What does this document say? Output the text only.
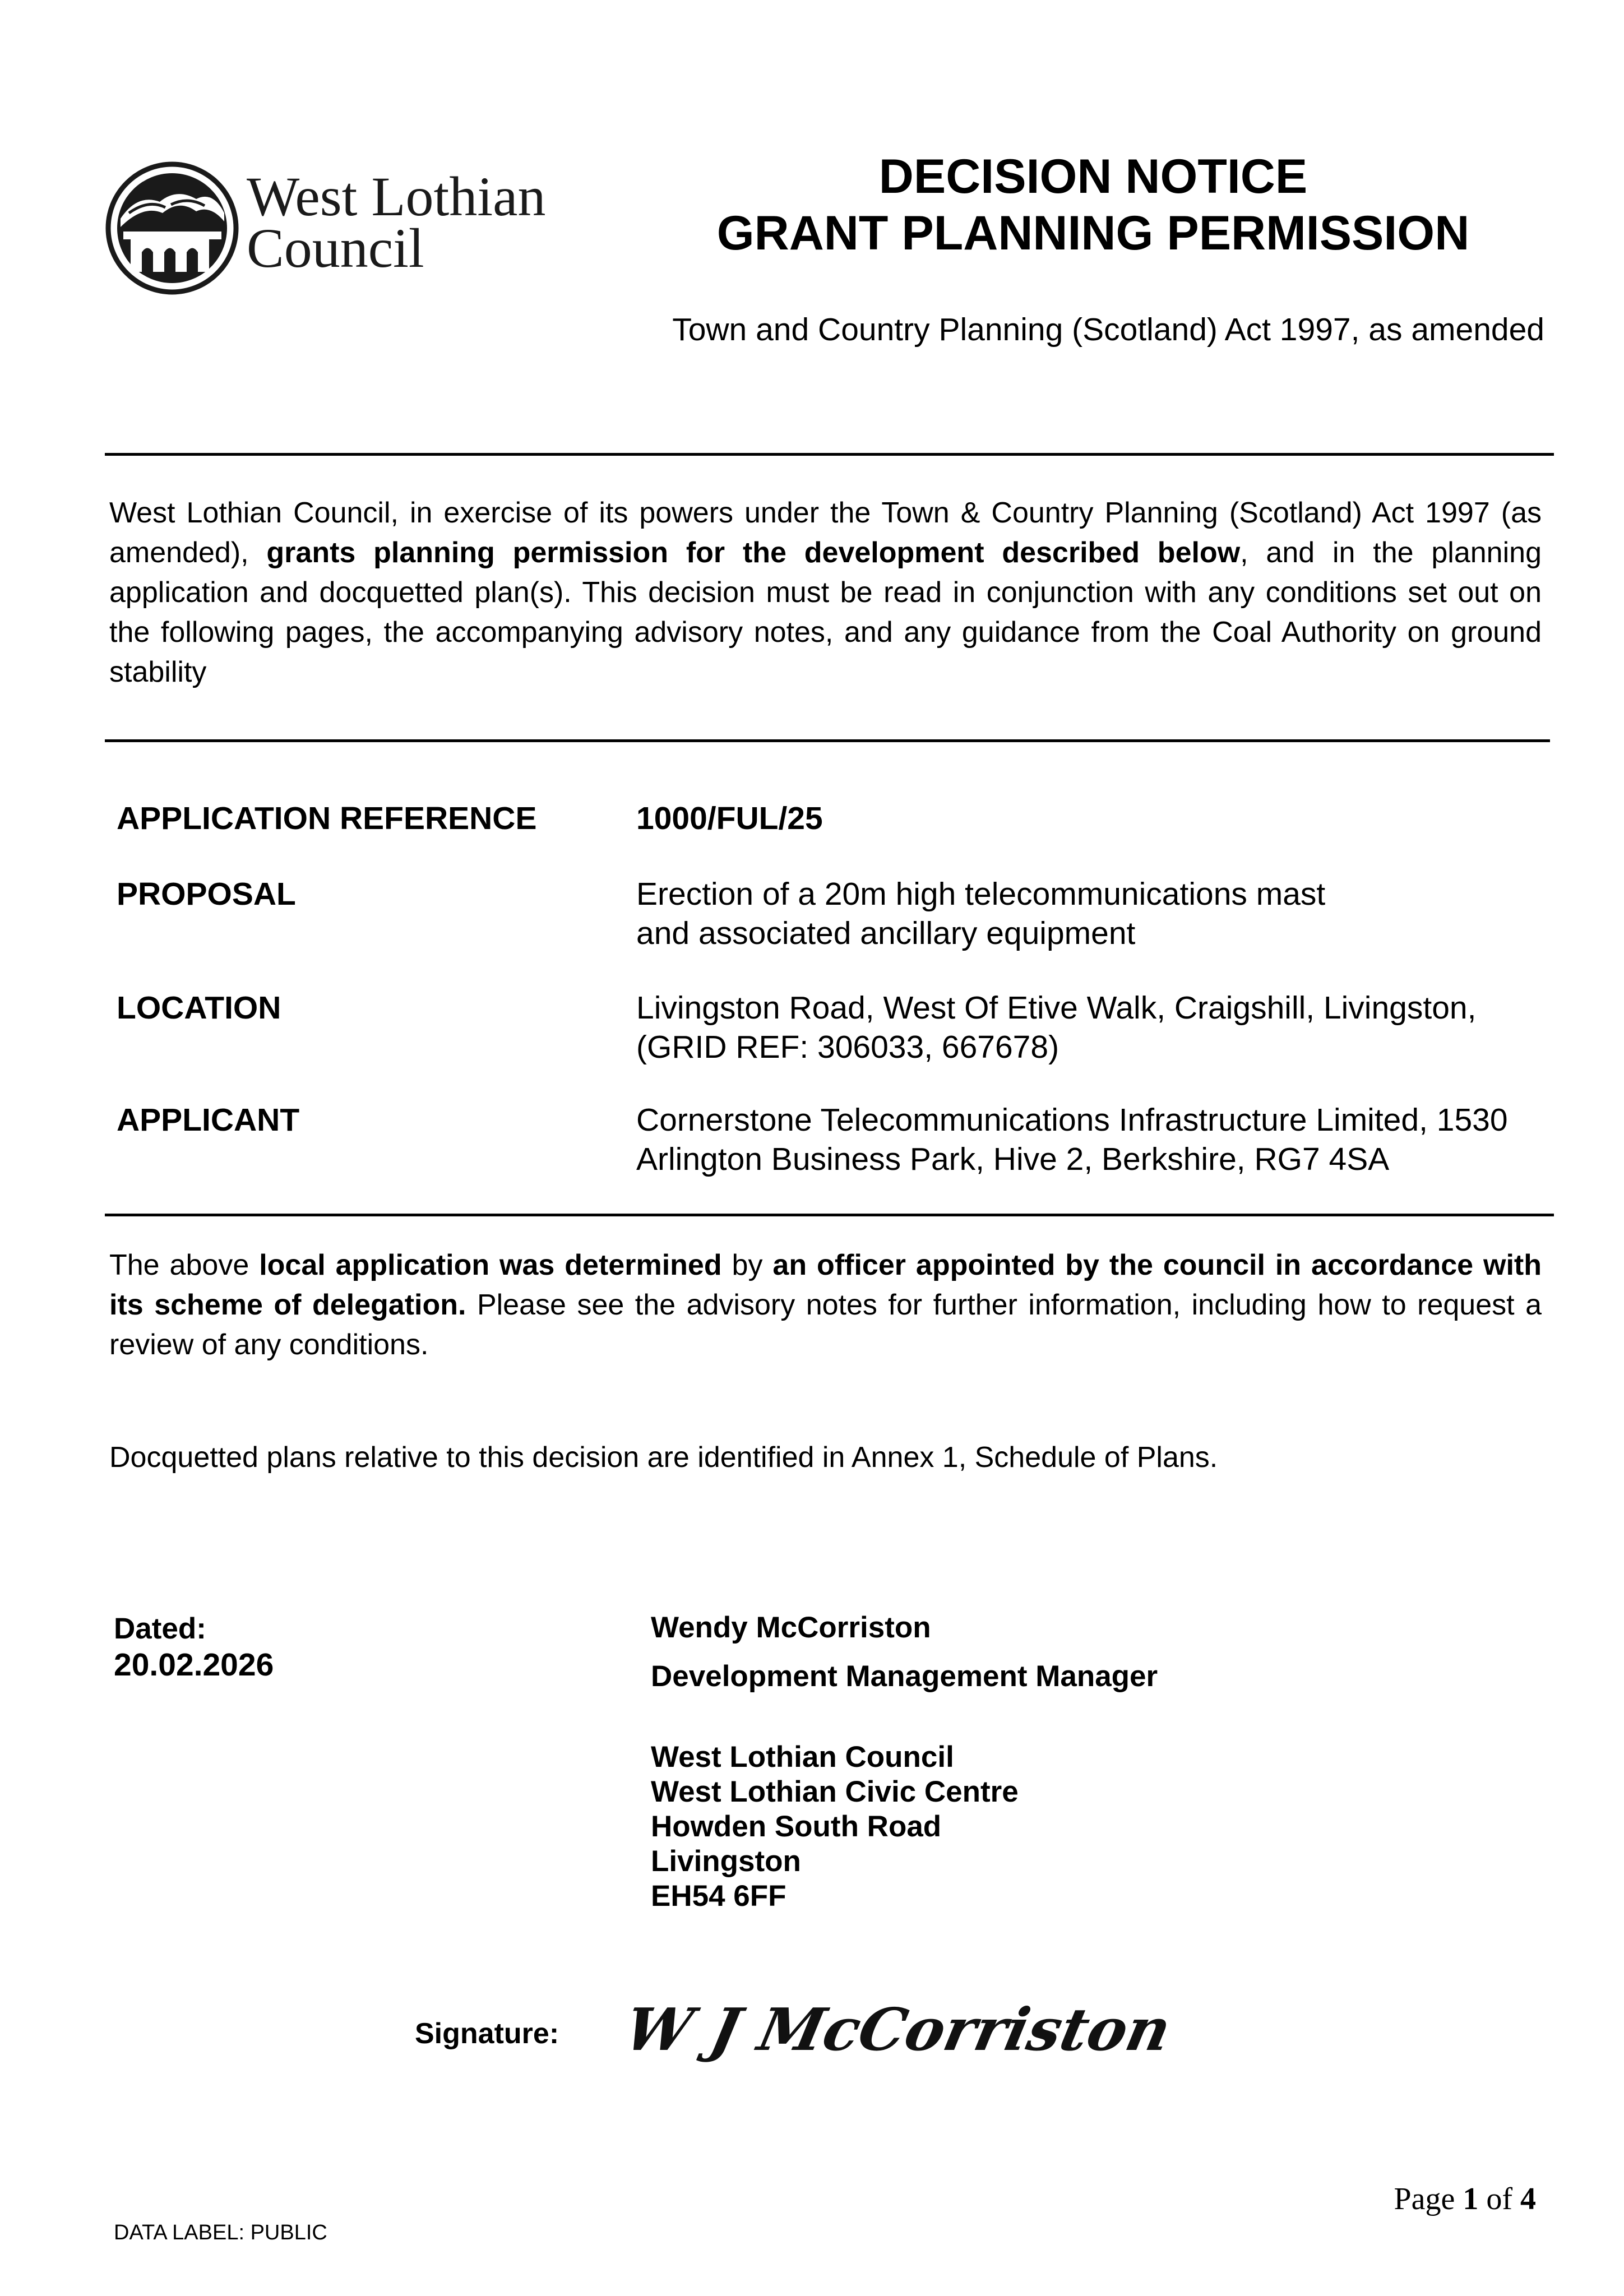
West Lothian
Council
DECISION NOTICE
GRANT PLANNING PERMISSION
Town and Country Planning (Scotland) Act 1997, as amended
West Lothian Council, in exercise of its powers under the Town & Country Planning (Scotland) Act 1997 (as amended), grants planning permission for the development described below, and in the planning application and docquetted plan(s). This decision must be read in conjunction with any conditions set out on the following pages, the accompanying advisory notes, and any guidance from the Coal Authority on ground stability
APPLICATION REFERENCE	1000/FUL/25
PROPOSAL	Erection of a 20m high telecommunications mast
and associated ancillary equipment
LOCATION	Livingston Road, West Of Etive Walk, Craigshill, Livingston,
(GRID REF: 306033, 667678)
APPLICANT	Cornerstone Telecommunications Infrastructure Limited, 1530
Arlington Business Park, Hive 2, Berkshire, RG7 4SA
The above local application was determined by an officer appointed by the council in accordance with its scheme of delegation. Please see the advisory notes for further information, including how to request a review of any conditions.
Docquetted plans relative to this decision are identified in Annex 1, Schedule of Plans.
Dated:
20.02.2026
Wendy McCorriston
Development Management Manager
West Lothian Council
West Lothian Civic Centre
Howden South Road
Livingston
EH54 6FF
Signature: W J McCorriston
Page 1 of 4
DATA LABEL: PUBLIC
